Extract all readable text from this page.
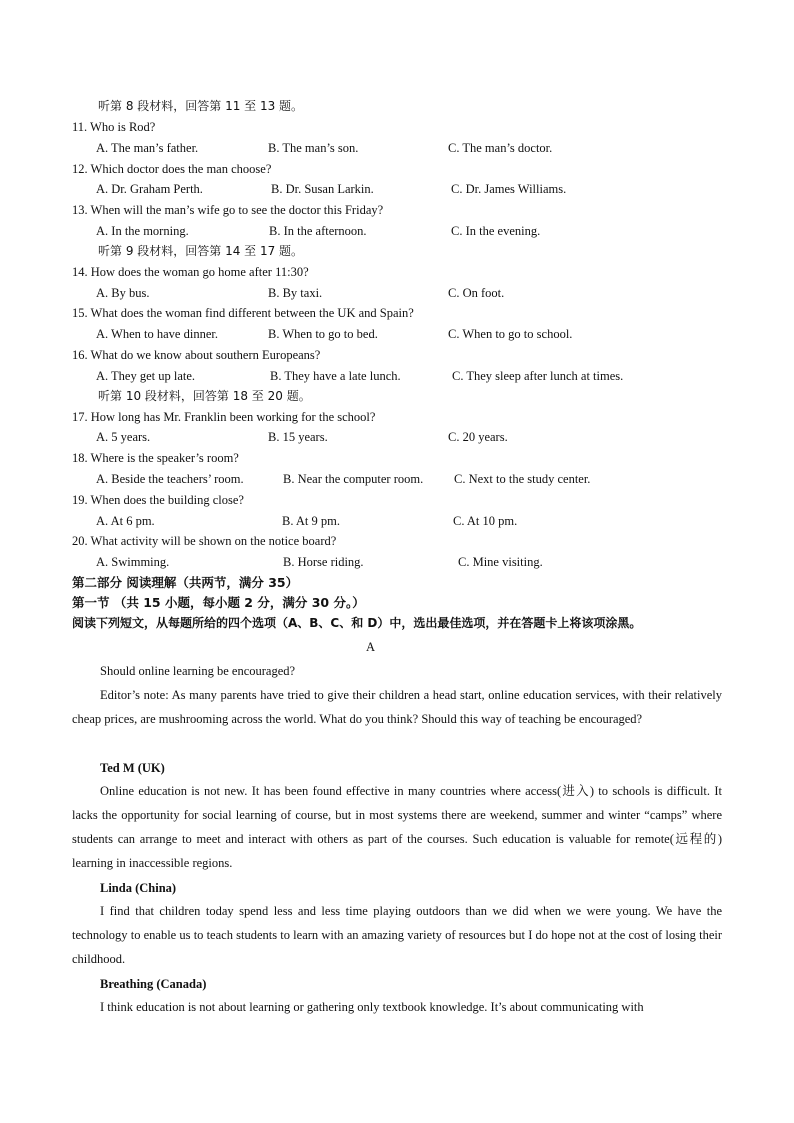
听第 8 段材料，回答第 11 至 13 题。
11. Who is Rod?
A. The man’s father.	B. The man’s son.	C. The man’s doctor.
12. Which doctor does the man choose?
A. Dr. Graham Perth.	B. Dr. Susan Larkin.	C. Dr. James Williams.
13. When will the man’s wife go to see the doctor this Friday?
A. In the morning.	B. In the afternoon.	C. In the evening.
听第 9 段材料，回答第 14 至 17 题。
14. How does the woman go home after 11:30?
A. By bus.	B. By taxi.	C. On foot.
15. What does the woman find different between the UK and Spain?
A. When to have dinner.	B. When to go to bed.	C. When to go to school.
16. What do we know about southern Europeans?
A. They get up late.	B. They have a late lunch.	C. They sleep after lunch at times.
听第 10 段材料，回答第 18 至 20 题。
17. How long has Mr. Franklin been working for the school?
A. 5 years.	B. 15 years.	C. 20 years.
18. Where is the speaker’s room?
A. Beside the teachers’ room.	B. Near the computer room. C. Next to the study center.
19. When does the building close?
A. At 6 pm.	B. At 9 pm.	C. At 10 pm.
20. What activity will be shown on the notice board?
A. Swimming.	B. Horse riding.	C. Mine visiting.
第二部分 阅读理解（共两节，满分 35）
第一节 （共 15 小题，每小题 2 分，满分 30 分。）
阅读下列短文，从每题所给的四个选项（A、B、C、和 D）中，选出最佳选项，并在答题卡上将该项涂黑。
A
Should online learning be encouraged?
Editor’s note: As many parents have tried to give their children a head start, online education services, with their relatively cheap prices, are mushrooming across the world. What do you think? Should this way of teaching be encouraged?
Ted M (UK)
Online education is not new. It has been found effective in many countries where access(进入) to schools is difficult. It lacks the opportunity for social learning of course, but in most systems there are weekend, summer and winter “camps” where students can arrange to meet and interact with others as part of the courses. Such education is valuable for remote(远程的) learning in inaccessible regions.
Linda (China)
I find that children today spend less and less time playing outdoors than we did when we were young. We have the technology to enable us to teach students to learn with an amazing variety of resources but I do hope not at the cost of losing their childhood.
Breathing (Canada)
I think education is not about learning or gathering only textbook knowledge. It’s about communicating with
